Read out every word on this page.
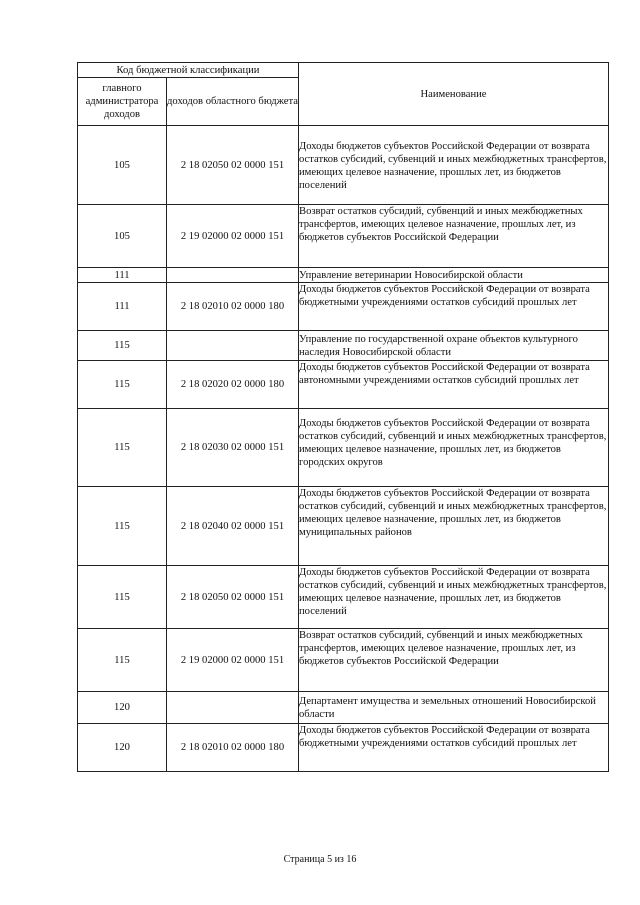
Код бюджетной классификации		Наименование
главного администратора доходов	доходов областного бюджета	
105	2 18 02050 02 0000 151	Доходы бюджетов субъектов Российской Федерации от возврата остатков субсидий, субвенций и иных межбюджетных трансфертов, имеющих целевое назначение, прошлых лет, из бюджетов поселений
105	2 19 02000 02 0000 151	Возврат остатков субсидий, субвенций и иных межбюджетных трансфертов, имеющих целевое назначение, прошлых лет, из бюджетов субъектов Российской Федерации
111		Управление ветеринарии Новосибирской области
111	2 18 02010 02 0000 180	Доходы бюджетов субъектов Российской Федерации от возврата бюджетными учреждениями остатков субсидий прошлых лет
115		Управление по государственной охране объектов культурного наследия Новосибирской области
115	2 18 02020 02 0000 180	Доходы бюджетов субъектов Российской Федерации от возврата автономными учреждениями остатков субсидий прошлых лет
115	2 18 02030 02 0000 151	Доходы бюджетов субъектов Российской Федерации от возврата остатков субсидий, субвенций и иных межбюджетных трансфертов, имеющих целевое назначение, прошлых лет, из бюджетов городских округов
115	2 18 02040 02 0000 151	Доходы бюджетов субъектов Российской Федерации от возврата остатков субсидий, субвенций и иных межбюджетных трансфертов, имеющих целевое назначение, прошлых лет, из бюджетов муниципальных районов
115	2 18 02050 02 0000 151	Доходы бюджетов субъектов Российской Федерации от возврата остатков субсидий, субвенций и иных межбюджетных трансфертов, имеющих целевое назначение, прошлых лет, из бюджетов поселений
115	2 19 02000 02 0000 151	Возврат остатков субсидий, субвенций и иных межбюджетных трансфертов, имеющих целевое назначение, прошлых лет, из бюджетов субъектов Российской Федерации
120		Департамент имущества и земельных отношений Новосибирской области
120	2 18 02010 02 0000 180	Доходы бюджетов субъектов Российской Федерации от возврата бюджетными учреждениями остатков субсидий прошлых лет
Страница 5 из 16
